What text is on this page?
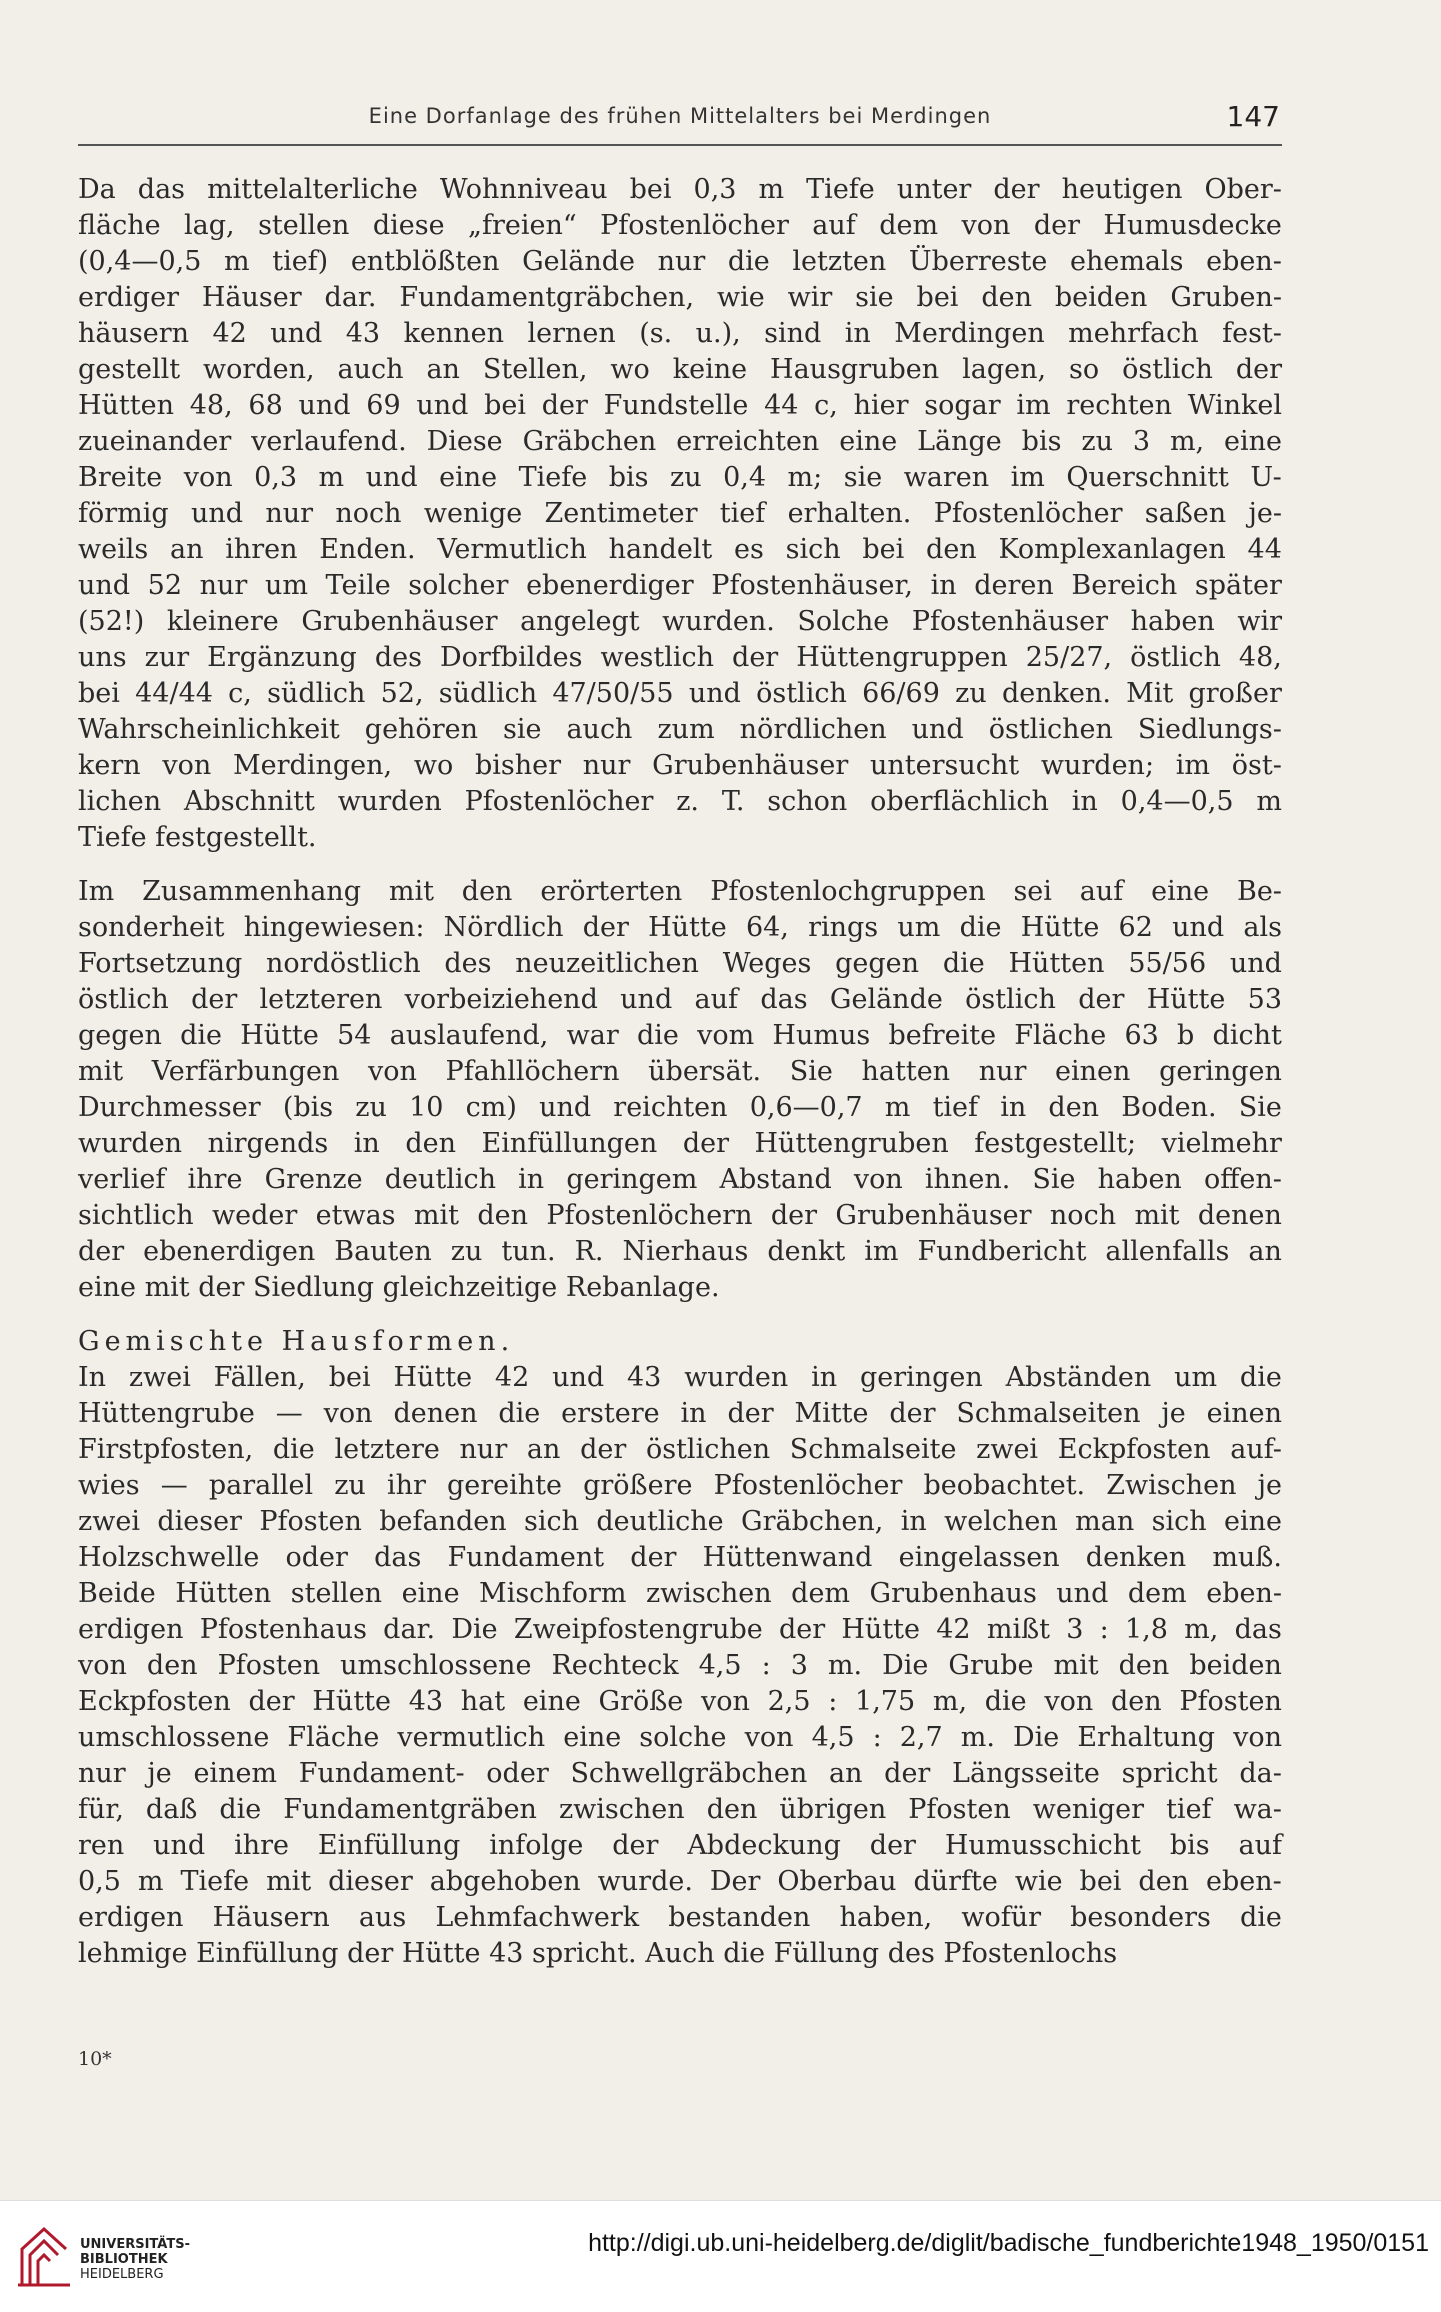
Eine Dorfanlage des frühen Mittelalters bei Merdingen	147
Da das mittelalterliche Wohnniveau bei 0,3 m Tiefe unter der heutigen Ober-
fläche lag, stellen diese „freien“ Pfostenlöcher auf dem von der Humusdecke
(0,4—0,5 m tief) entblößten Gelände nur die letzten Überreste ehemals eben-
erdiger Häuser dar. Fundamentgräbchen, wie wir sie bei den beiden Gruben-
häusern 42 und 43 kennen lernen (s. u.), sind in Merdingen mehrfach fest-
gestellt worden, auch an Stellen, wo keine Hausgruben lagen, so östlich der
Hütten 48, 68 und 69 und bei der Fundstelle 44 c, hier sogar im rechten Winkel
zueinander verlaufend. Diese Gräbchen erreichten eine Länge bis zu 3 m, eine
Breite von 0,3 m und eine Tiefe bis zu 0,4 m; sie waren im Querschnitt U-
förmig und nur noch wenige Zentimeter tief erhalten. Pfostenlöcher saßen je-
weils an ihren Enden. Vermutlich handelt es sich bei den Komplexanlagen 44
und 52 nur um Teile solcher ebenerdiger Pfostenhäuser, in deren Bereich später
(52!) kleinere Grubenhäuser angelegt wurden. Solche Pfostenhäuser haben wir
uns zur Ergänzung des Dorfbildes westlich der Hüttengruppen 25/27, östlich 48,
bei 44/44 c, südlich 52, südlich 47/50/55 und östlich 66/69 zu denken. Mit großer
Wahrscheinlichkeit gehören sie auch zum nördlichen und östlichen Siedlungs-
kern von Merdingen, wo bisher nur Grubenhäuser untersucht wurden; im öst-
lichen Abschnitt wurden Pfostenlöcher z. T. schon oberflächlich in 0,4—0,5 m
Tiefe festgestellt.
Im Zusammenhang mit den erörterten Pfostenlochgruppen sei auf eine Be-
sonderheit hingewiesen: Nördlich der Hütte 64, rings um die Hütte 62 und als
Fortsetzung nordöstlich des neuzeitlichen Weges gegen die Hütten 55/56 und
östlich der letzteren vorbeiziehend und auf das Gelände östlich der Hütte 53
gegen die Hütte 54 auslaufend, war die vom Humus befreite Fläche 63 b dicht
mit Verfärbungen von Pfahllöchern übersät. Sie hatten nur einen geringen
Durchmesser (bis zu 10 cm) und reichten 0,6—0,7 m tief in den Boden. Sie
wurden nirgends in den Einfüllungen der Hüttengruben festgestellt; vielmehr
verlief ihre Grenze deutlich in geringem Abstand von ihnen. Sie haben offen-
sichtlich weder etwas mit den Pfostenlöchern der Grubenhäuser noch mit denen
der ebenerdigen Bauten zu tun. R. Nierhaus denkt im Fundbericht allenfalls an
eine mit der Siedlung gleichzeitige Rebanlage.
Gemischte Hausformen.
In zwei Fällen, bei Hütte 42 und 43 wurden in geringen Abständen um die
Hüttengrube — von denen die erstere in der Mitte der Schmalseiten je einen
Firstpfosten, die letztere nur an der östlichen Schmalseite zwei Eckpfosten auf-
wies — parallel zu ihr gereihte größere Pfostenlöcher beobachtet. Zwischen je
zwei dieser Pfosten befanden sich deutliche Gräbchen, in welchen man sich eine
Holzschwelle oder das Fundament der Hüttenwand eingelassen denken muß.
Beide Hütten stellen eine Mischform zwischen dem Grubenhaus und dem eben-
erdigen Pfostenhaus dar. Die Zweipfostengrube der Hütte 42 mißt 3 : 1,8 m, das
von den Pfosten umschlossene Rechteck 4,5 : 3 m. Die Grube mit den beiden
Eckpfosten der Hütte 43 hat eine Größe von 2,5 : 1,75 m, die von den Pfosten
umschlossene Fläche vermutlich eine solche von 4,5 : 2,7 m. Die Erhaltung von
nur je einem Fundament- oder Schwellgräbchen an der Längsseite spricht da-
für, daß die Fundamentgräben zwischen den übrigen Pfosten weniger tief wa-
ren und ihre Einfüllung infolge der Abdeckung der Humusschicht bis auf
0,5 m Tiefe mit dieser abgehoben wurde. Der Oberbau dürfte wie bei den eben-
erdigen Häusern aus Lehmfachwerk bestanden haben, wofür besonders die
lehmige Einfüllung der Hütte 43 spricht. Auch die Füllung des Pfostenlochs
10*
UNIVERSITÄTS-
BIBLIOTHEK
HEIDELBERG
http://digi.ub.uni-heidelberg.de/diglit/badische_fundberichte1948_1950/0151
